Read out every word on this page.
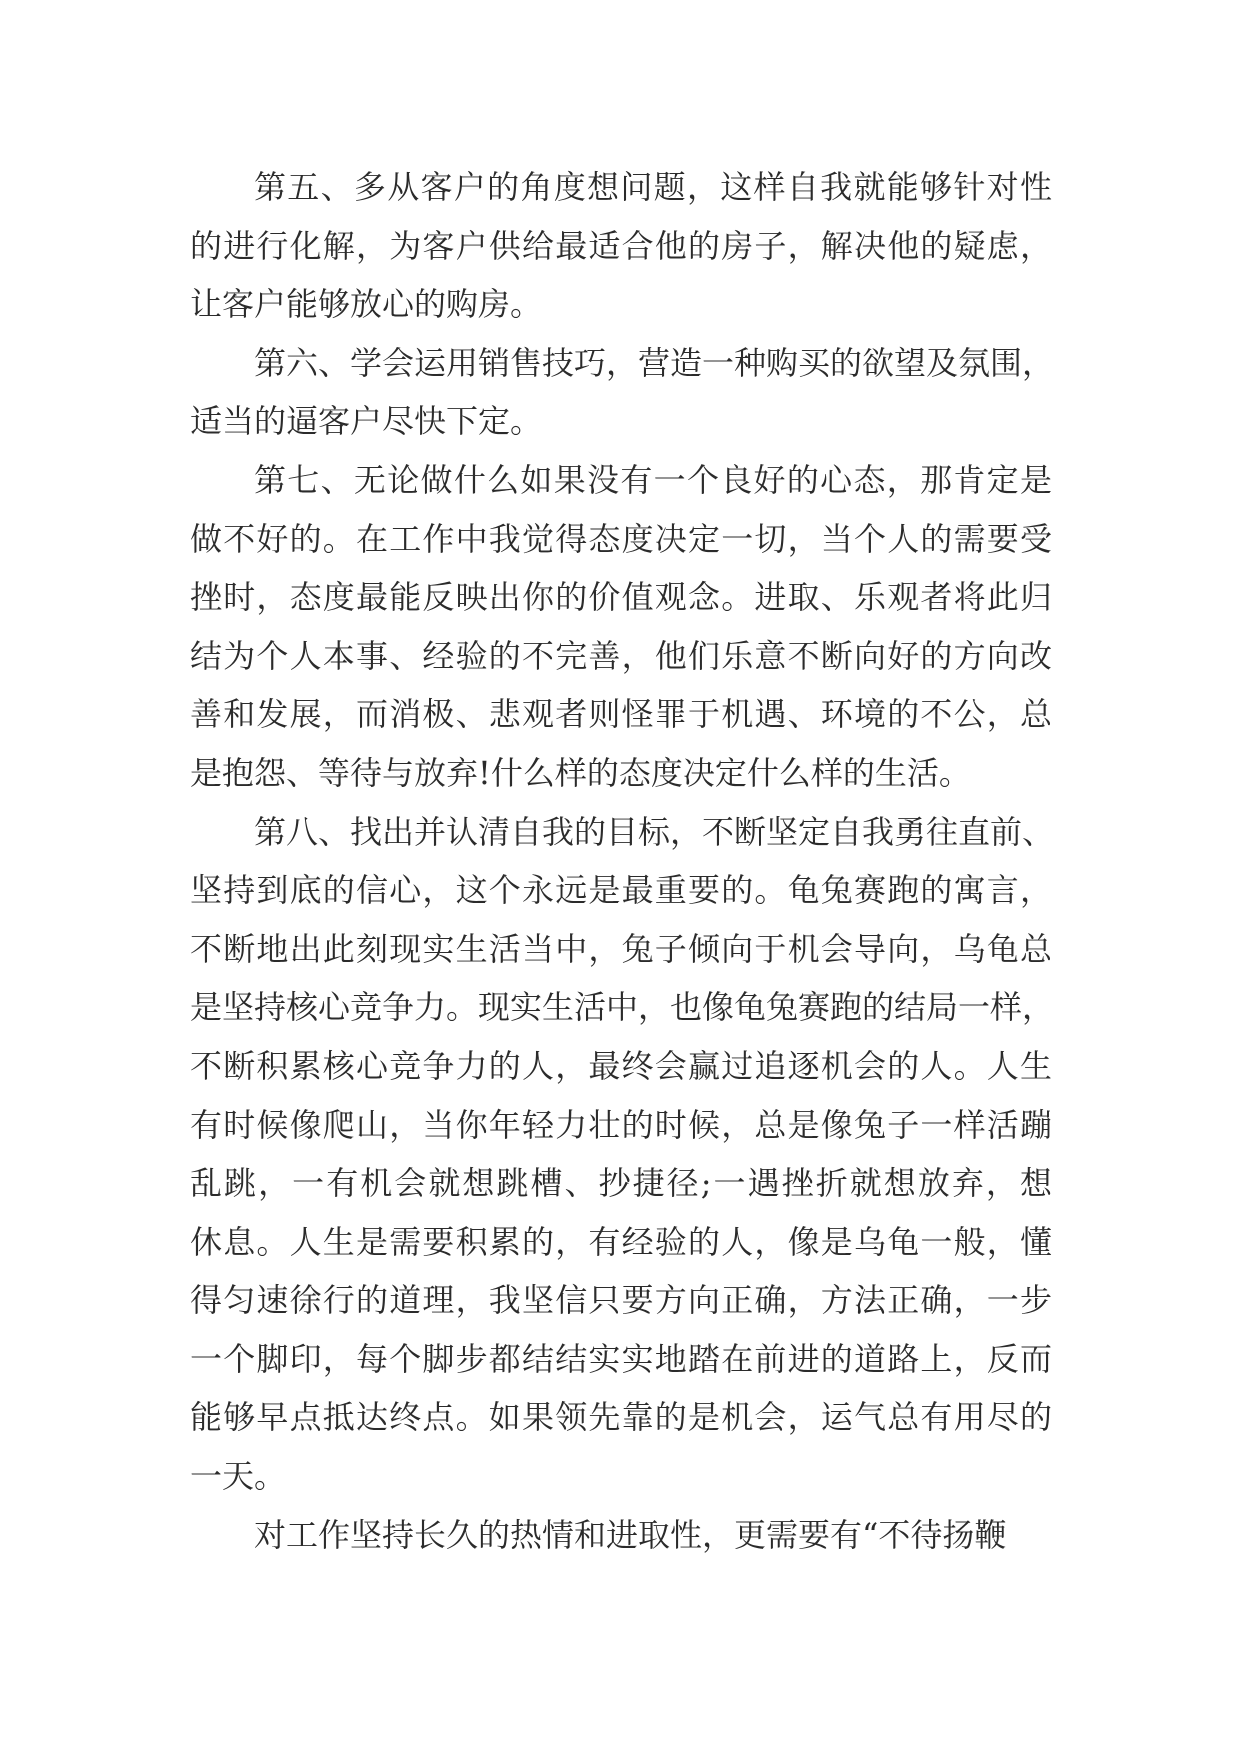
第五、多从客户的角度想问题，这样自我就能够针对性
的进行化解，为客户供给最适合他的房子，解决他的疑虑，
让客户能够放心的购房。
第六、学会运用销售技巧，营造一种购买的欲望及氛围，
适当的逼客户尽快下定。
第七、无论做什么如果没有一个良好的心态，那肯定是
做不好的。在工作中我觉得态度决定一切，当个人的需要受
挫时，态度最能反映出你的价值观念。进取、乐观者将此归
结为个人本事、经验的不完善，他们乐意不断向好的方向改
善和发展，而消极、悲观者则怪罪于机遇、环境的不公，总
是抱怨、等待与放弃!什么样的态度决定什么样的生活。
第八、找出并认清自我的目标，不断坚定自我勇往直前、
坚持到底的信心，这个永远是最重要的。龟兔赛跑的寓言，
不断地出此刻现实生活当中，兔子倾向于机会导向，乌龟总
是坚持核心竞争力。现实生活中，也像龟兔赛跑的结局一样，
不断积累核心竞争力的人，最终会赢过追逐机会的人。人生
有时候像爬山，当你年轻力壮的时候，总是像兔子一样活蹦
乱跳，一有机会就想跳槽、抄捷径;一遇挫折就想放弃，想
休息。人生是需要积累的，有经验的人，像是乌龟一般，懂
得匀速徐行的道理，我坚信只要方向正确，方法正确，一步
一个脚印，每个脚步都结结实实地踏在前进的道路上，反而
能够早点抵达终点。如果领先靠的是机会，运气总有用尽的
一天。
对工作坚持长久的热情和进取性，更需要有“不待扬鞭
